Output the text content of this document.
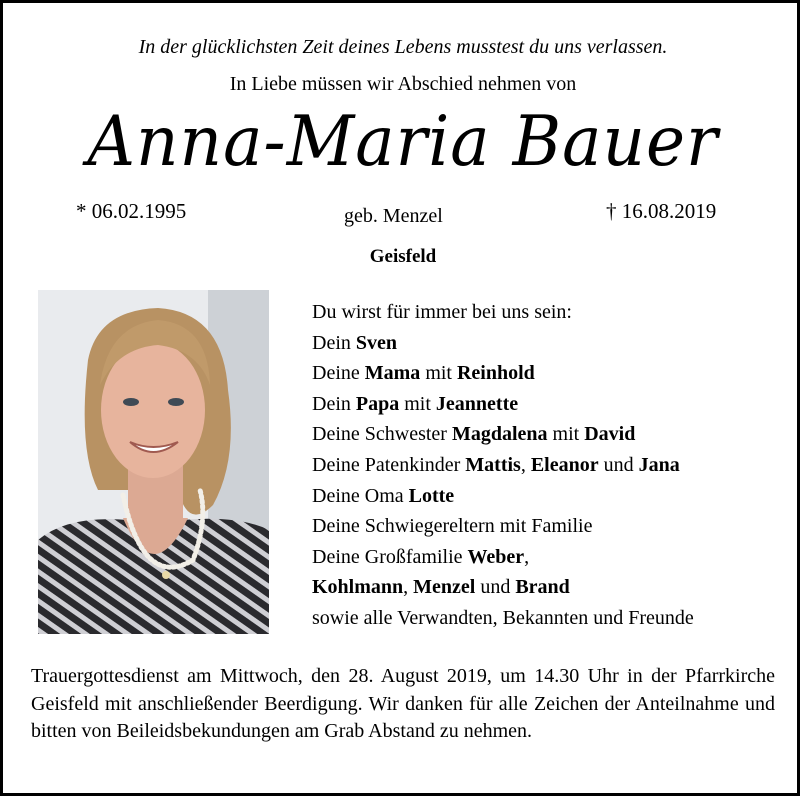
In der glücklichsten Zeit deines Lebens musstest du uns verlassen.
In Liebe müssen wir Abschied nehmen von
Anna-Maria Bauer
* 06.02.1995	geb. Menzel	† 16.08.2019
Geisfeld
Du wirst für immer bei uns sein:
Dein Sven
Deine Mama mit Reinhold
Dein Papa mit Jeannette
Deine Schwester Magdalena mit David
Deine Patenkinder Mattis, Eleanor und Jana
Deine Oma Lotte
Deine Schwiegereltern mit Familie
Deine Großfamilie Weber,
Kohlmann, Menzel und Brand
sowie alle Verwandten, Bekannten und Freunde
Trauergottesdienst am Mittwoch, den 28. August 2019, um 14.30 Uhr in der Pfarrkirche Geisfeld mit anschließender Beerdigung. Wir danken für alle Zeichen der Anteilnahme und bitten von Beileidsbekundungen am Grab Abstand zu nehmen.
